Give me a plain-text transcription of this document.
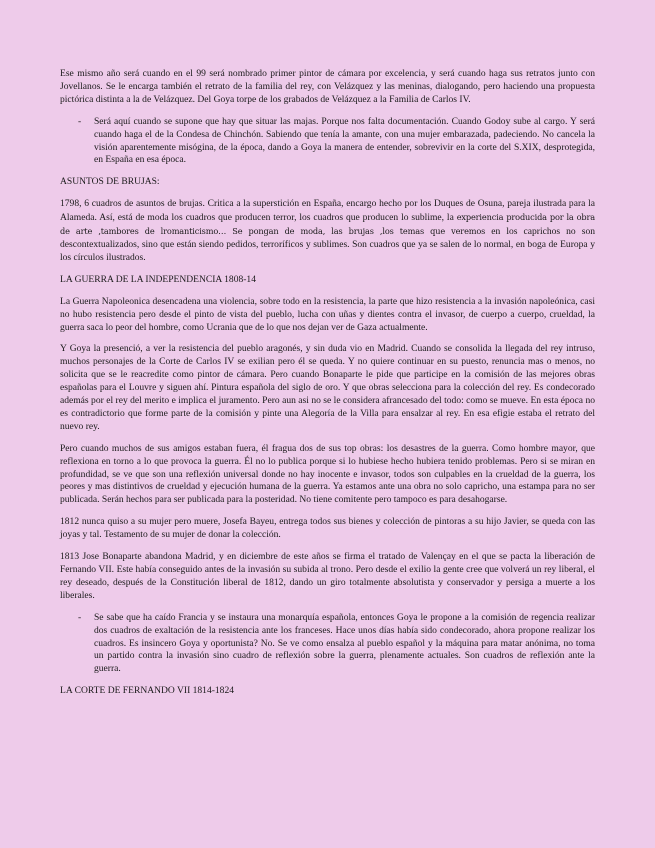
Ese mismo año será cuando en el 99 será nombrado primer pintor de cámara por excelencia, y será cuando haga sus retratos junto con Jovellanos. Se le encarga también el retrato de la familia del rey, con Velázquez y las meninas, dialogando, pero haciendo una propuesta pictórica distinta a la de Velázquez. Del Goya torpe de los grabados de Velázquez a la Familia de Carlos IV.

-	Será aquí cuando se supone que hay que situar las majas. Porque nos falta documentación. Cuando Godoy sube al cargo. Y será cuando haga el de la Condesa de Chinchón. Sabiendo que tenía la amante, con una mujer embarazada, padeciendo. No cancela la visión aparentemente misógina, de la época, dando a Goya la manera de entender, sobrevivir en la corte del S.XIX, desprotegida, en España en esa época.

ASUNTOS DE BRUJAS:

1798, 6 cuadros de asuntos de brujas. Critica a la superstición en España, encargo hecho por los Duques de Osuna, pareja ilustrada para la Alameda. Así, está de moda los cuadros que producen terror, los cuadros que producen lo sublime, la experiencia producida por la obra de arte ,tambores de lromanticismo… Se pongan de moda, las brujas ,los temas que veremos en los caprichos no son descontextualizados, sino que están siendo pedidos, terroríficos y sublimes. Son cuadros que ya se salen de lo normal, en boga de Europa y los círculos ilustrados.

LA GUERRA DE LA INDEPENDENCIA 1808-14

La Guerra Napoleonica desencadena una violencia, sobre todo en la resistencia, la parte que hizo resistencia a la invasión napoleónica, casi no hubo resistencia pero desde el pinto de vista del pueblo, lucha con uñas y dientes contra el invasor, de cuerpo a cuerpo, crueldad, la guerra saca lo peor del hombre, como Ucrania que de lo que nos dejan ver de Gaza actualmente.

Y Goya la presenció, a ver la resistencia del pueblo aragonés, y sin duda vio en Madrid. Cuando se consolida la llegada del rey intruso, muchos personajes de la Corte de Carlos IV se exilian pero él se queda. Y no quiere continuar en su puesto, renuncia mas o menos, no solicita que se le reacredite como pintor de cámara. Pero cuando Bonaparte le pide que participe en la comisión de las mejores obras españolas para el Louvre y siguen ahí. Pintura española del siglo de oro. Y que obras selecciona para la colección del rey. Es condecorado además por el rey del merito e implica el juramento. Pero aun asi no se le considera afrancesado del todo: como se mueve. En esta época no es contradictorio que forme parte de la comisión y pinte una Alegoría de la Villa para ensalzar al rey. En esa efigie estaba el retrato del nuevo rey.

Pero cuando muchos de sus amigos estaban fuera, él fragua dos de sus top obras: los desastres de la guerra. Como hombre mayor, que reflexiona en torno a lo que provoca la guerra. Él no lo publica porque si lo hubiese hecho hubiera tenido problemas. Pero si se miran en profundidad, se ve que son una reflexión universal donde no hay inocente e invasor, todos son culpables en la crueldad de la guerra, los peores y mas distintivos de crueldad y ejecución humana de la guerra. Ya estamos ante una obra no solo capricho, una estampa para no ser publicada. Serán hechos para ser publicada para la posteridad. No tiene comitente pero tampoco es para desahogarse.

1812 nunca quiso a su mujer pero muere, Josefa Bayeu, entrega todos sus bienes y colección de pintoras a su hijo Javier, se queda con las joyas y tal. Testamento de su mujer de donar la colección.

1813 Jose Bonaparte abandona Madrid, y en diciembre de este años se firma el tratado de Valençay en el que se pacta la liberación de Fernando VII. Este había conseguido antes de la invasión su subida al trono. Pero desde el exilio la gente cree que volverá un rey liberal, el rey deseado, después de la Constitución liberal de 1812, dando un giro totalmente absolutista y conservador y persiga a muerte a los liberales.

-	Se sabe que ha caído Francia y se instaura una monarquía española, entonces Goya le propone a la comisión de regencia realizar dos cuadros de exaltación de la resistencia ante los franceses. Hace unos días había sido condecorado, ahora propone realizar los cuadros. Es insincero Goya y oportunista? No. Se ve como ensalza al pueblo español y la máquina para matar anónima, no toma un partido contra la invasión sino cuadro de reflexión sobre la guerra, plenamente actuales. Son cuadros de reflexión ante la guerra.

LA CORTE DE FERNANDO VII 1814-1824
